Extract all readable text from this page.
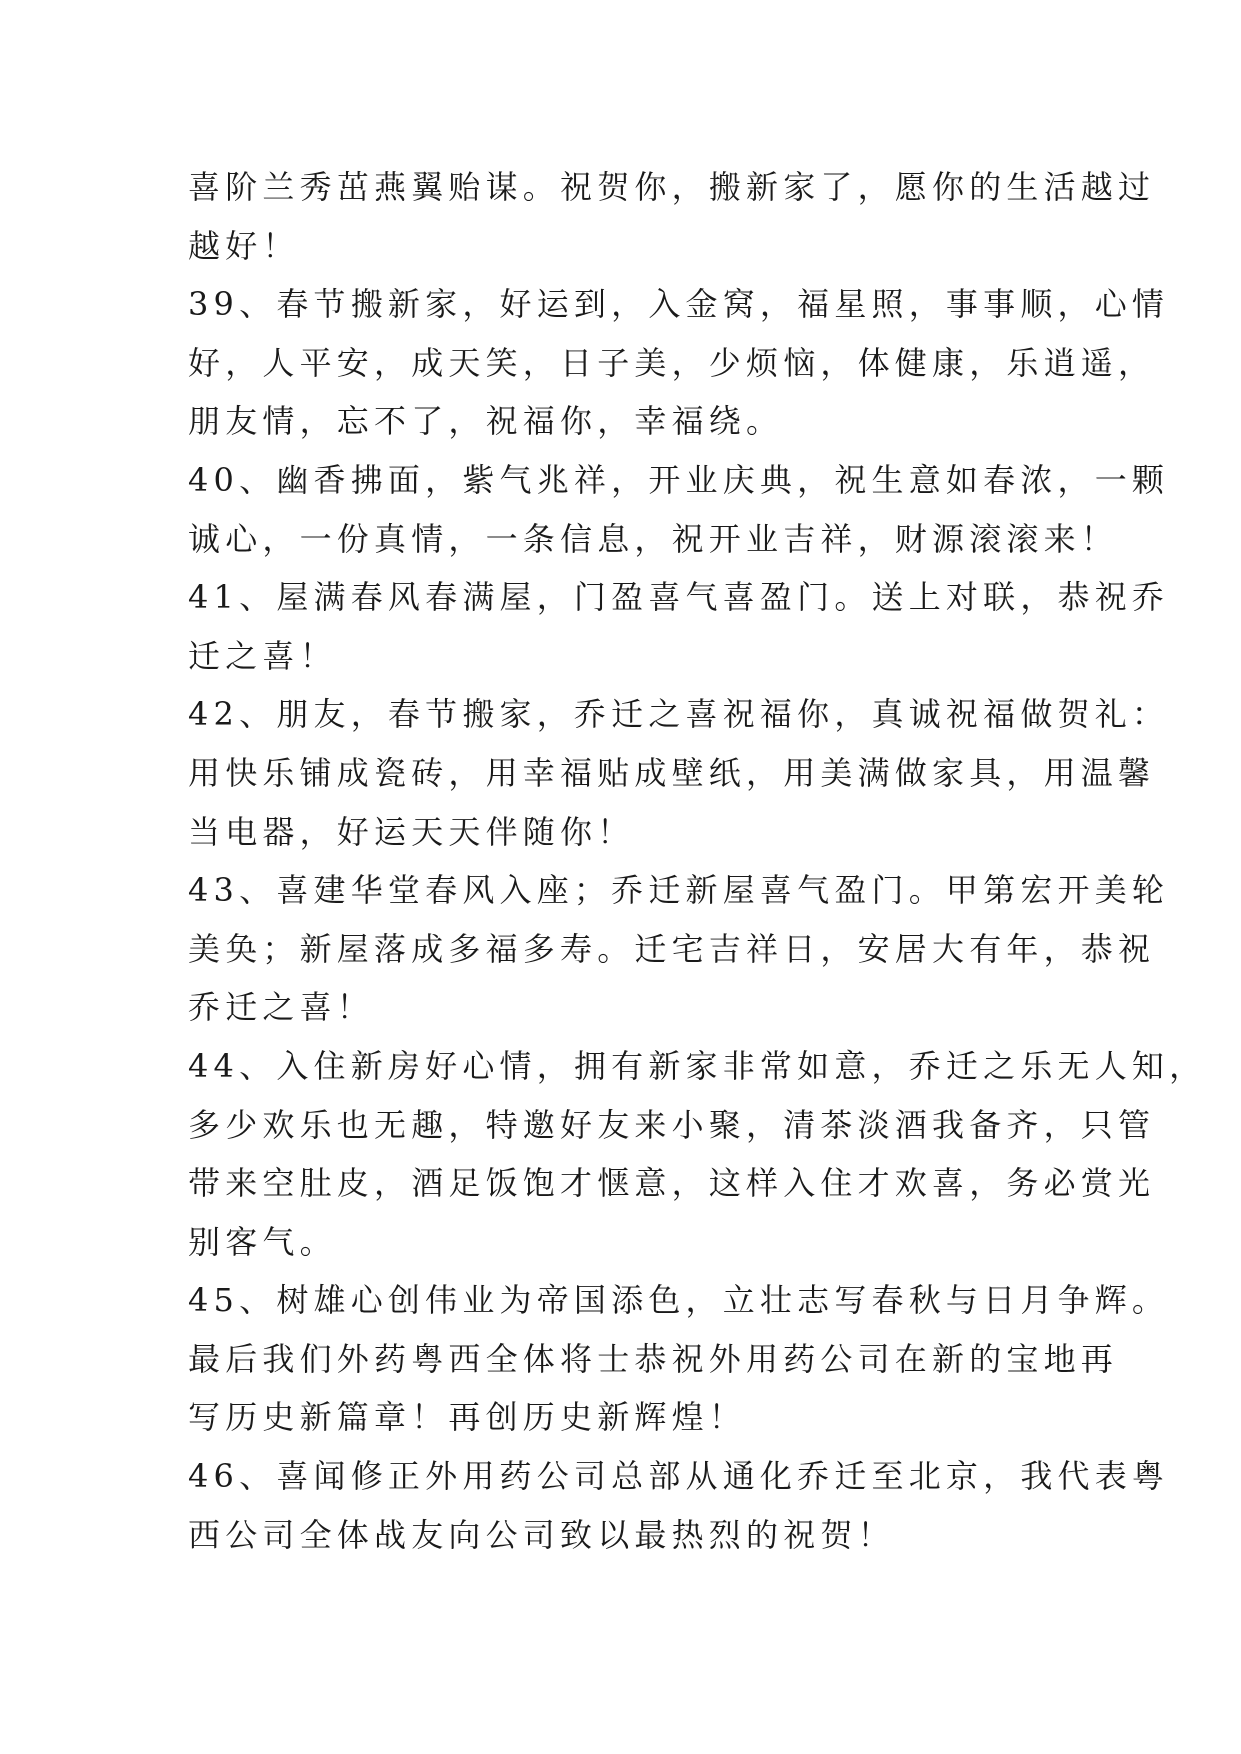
喜阶兰秀茁燕翼贻谋。祝贺你，搬新家了，愿你的生活越过
越好！
39、春节搬新家，好运到，入金窝，福星照，事事顺，心情
好，人平安，成天笑，日子美，少烦恼，体健康，乐逍遥，
朋友情，忘不了，祝福你，幸福绕。
40、幽香拂面，紫气兆祥，开业庆典，祝生意如春浓，一颗
诚心，一份真情，一条信息，祝开业吉祥，财源滚滚来！
41、屋满春风春满屋，门盈喜气喜盈门。送上对联，恭祝乔
迁之喜！
42、朋友，春节搬家，乔迁之喜祝福你，真诚祝福做贺礼：
用快乐铺成瓷砖，用幸福贴成壁纸，用美满做家具，用温馨
当电器，好运天天伴随你！
43、喜建华堂春风入座；乔迁新屋喜气盈门。甲第宏开美轮
美奂；新屋落成多福多寿。迁宅吉祥日，安居大有年，恭祝
乔迁之喜！
44、入住新房好心情，拥有新家非常如意，乔迁之乐无人知，
多少欢乐也无趣，特邀好友来小聚，清茶淡酒我备齐，只管
带来空肚皮，酒足饭饱才惬意，这样入住才欢喜，务必赏光
别客气。
45、树雄心创伟业为帝国添色，立壮志写春秋与日月争辉。
最后我们外药粤西全体将士恭祝外用药公司在新的宝地再
写历史新篇章！再创历史新辉煌！
46、喜闻修正外用药公司总部从通化乔迁至北京，我代表粤
西公司全体战友向公司致以最热烈的祝贺！
